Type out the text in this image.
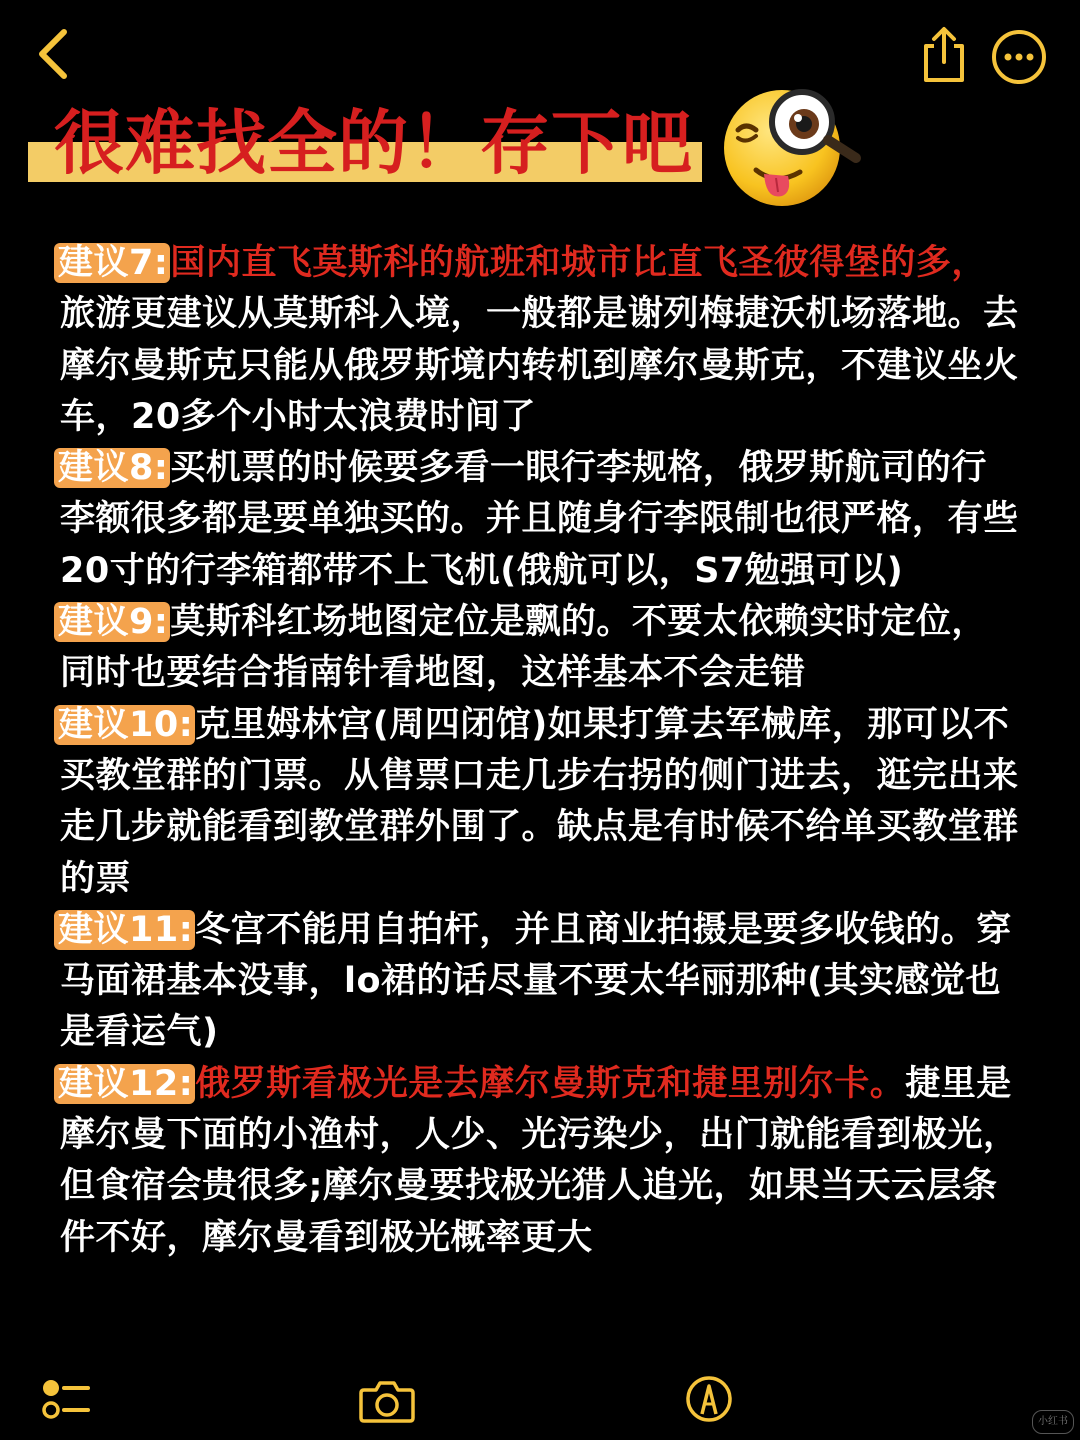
很难找全的！存下吧

建议7:国内直飞莫斯科的航班和城市比直飞圣彼得堡的多，旅游更建议从莫斯科入境，一般都是谢列梅捷沃机场落地。去摩尔曼斯克只能从俄罗斯境内转机到摩尔曼斯克，不建议坐火车，20多个小时太浪费时间了

建议8:买机票的时候要多看一眼行李规格，俄罗斯航司的行李额很多都是要单独买的。并且随身行李限制也很严格，有些20寸的行李箱都带不上飞机(俄航可以，S7勉强可以)

建议9:莫斯科红场地图定位是飘的。不要太依赖实时定位，同时也要结合指南针看地图，这样基本不会走错

建议10:克里姆林宫(周四闭馆)如果打算去军械库，那可以不买教堂群的门票。从售票口走几步右拐的侧门进去，逛完出来走几步就能看到教堂群外围了。缺点是有时候不给单买教堂群的票

建议11:冬宫不能用自拍杆，并且商业拍摄是要多收钱的。穿马面裙基本没事，lo裙的话尽量不要太华丽那种(其实感觉也是看运气)

建议12:俄罗斯看极光是去摩尔曼斯克和捷里别尔卡。捷里是摩尔曼下面的小渔村，人少、光污染少，出门就能看到极光，但食宿会贵很多;摩尔曼要找极光猎人追光，如果当天云层条件不好，摩尔曼看到极光概率更大

小红书
